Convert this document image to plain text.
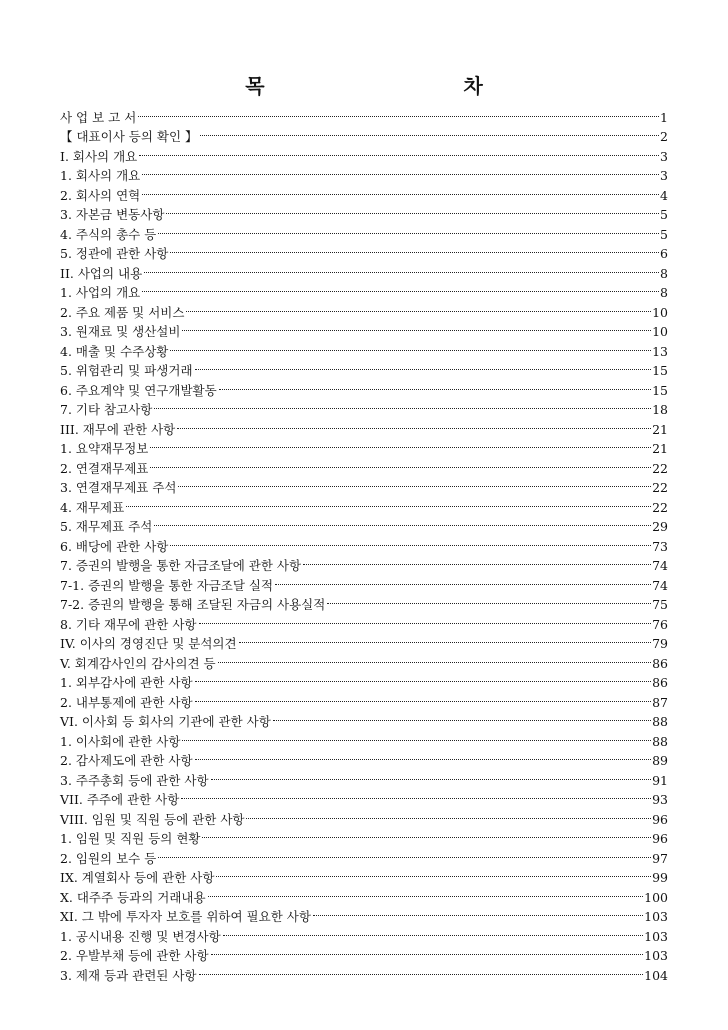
목 차
사 업 보 고 서	1
【 대표이사 등의 확인 】	2
I. 회사의 개요	3
1. 회사의 개요	3
2. 회사의 연혁	4
3. 자본금 변동사항	5
4. 주식의 총수 등	5
5. 정관에 관한 사항	6
II. 사업의 내용	8
1. 사업의 개요	8
2. 주요 제품 및 서비스	10
3. 원재료 및 생산설비	10
4. 매출 및 수주상황	13
5. 위험관리 및 파생거래	15
6. 주요계약 및 연구개발활동	15
7. 기타 참고사항	18
III. 재무에 관한 사항	21
1. 요약재무정보	21
2. 연결재무제표	22
3. 연결재무제표 주석	22
4. 재무제표	22
5. 재무제표 주석	29
6. 배당에 관한 사항	73
7. 증권의 발행을 통한 자금조달에 관한 사항	74
7-1. 증권의 발행을 통한 자금조달 실적	74
7-2. 증권의 발행을 통해 조달된 자금의 사용실적	75
8. 기타 재무에 관한 사항	76
IV. 이사의 경영진단 및 분석의견	79
V. 회계감사인의 감사의견 등	86
1. 외부감사에 관한 사항	86
2. 내부통제에 관한 사항	87
VI. 이사회 등 회사의 기관에 관한 사항	88
1. 이사회에 관한 사항	88
2. 감사제도에 관한 사항	89
3. 주주총회 등에 관한 사항	91
VII. 주주에 관한 사항	93
VIII. 임원 및 직원 등에 관한 사항	96
1. 임원 및 직원 등의 현황	96
2. 임원의 보수 등	97
IX. 계열회사 등에 관한 사항	99
X. 대주주 등과의 거래내용	100
XI. 그 밖에 투자자 보호를 위하여 필요한 사항	103
1. 공시내용 진행 및 변경사항	103
2. 우발부채 등에 관한 사항	103
3. 제재 등과 관련된 사항	104
